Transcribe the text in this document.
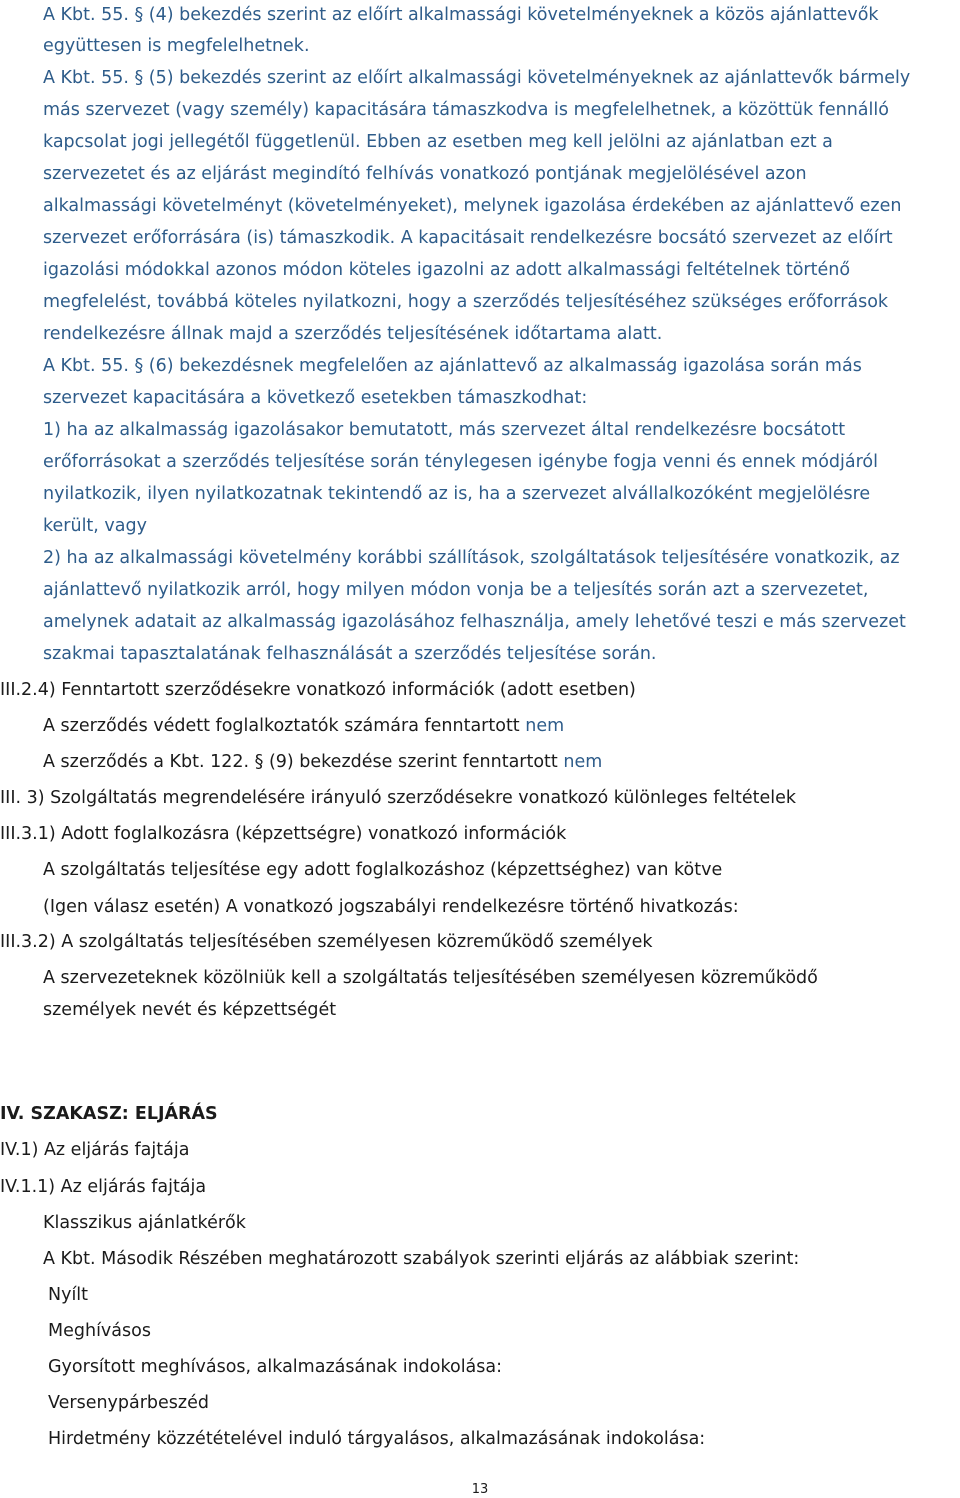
A Kbt. 55. § (4) bekezdés szerint az előírt alkalmassági követelményeknek a közös ajánlattevők
együttesen is megfelelhetnek.
A Kbt. 55. § (5) bekezdés szerint az előírt alkalmassági követelményeknek az ajánlattevők bármely
más szervezet (vagy személy) kapacitására támaszkodva is megfelelhetnek, a közöttük fennálló
kapcsolat jogi jellegétől függetlenül. Ebben az esetben meg kell jelölni az ajánlatban ezt a
szervezetet és az eljárást megindító felhívás vonatkozó pontjának megjelölésével azon
alkalmassági követelményt (követelményeket), melynek igazolása érdekében az ajánlattevő ezen
szervezet erőforrására (is) támaszkodik. A kapacitásait rendelkezésre bocsátó szervezet az előírt
igazolási módokkal azonos módon köteles igazolni az adott alkalmassági feltételnek történő
megfelelést, továbbá köteles nyilatkozni, hogy a szerződés teljesítéséhez szükséges erőforrások
rendelkezésre állnak majd a szerződés teljesítésének időtartama alatt.
A Kbt. 55. § (6) bekezdésnek megfelelően az ajánlattevő az alkalmasság igazolása során más
szervezet kapacitására a következő esetekben támaszkodhat:
1) ha az alkalmasság igazolásakor bemutatott, más szervezet által rendelkezésre bocsátott
erőforrásokat a szerződés teljesítése során ténylegesen igénybe fogja venni és ennek módjáról
nyilatkozik, ilyen nyilatkozatnak tekintendő az is, ha a szervezet alvállalkozóként megjelölésre
került, vagy
2) ha az alkalmassági követelmény korábbi szállítások, szolgáltatások teljesítésére vonatkozik, az
ajánlattevő nyilatkozik arról, hogy milyen módon vonja be a teljesítés során azt a szervezetet,
amelynek adatait az alkalmasság igazolásához felhasználja, amely lehetővé teszi e más szervezet
szakmai tapasztalatának felhasználását a szerződés teljesítése során.
III.2.4) Fenntartott szerződésekre vonatkozó információk (adott esetben)
A szerződés védett foglalkoztatók számára fenntartott nem
A szerződés a Kbt. 122. § (9) bekezdése szerint fenntartott nem
III. 3) Szolgáltatás megrendelésére irányuló szerződésekre vonatkozó különleges feltételek
III.3.1) Adott foglalkozásra (képzettségre) vonatkozó információk
A szolgáltatás teljesítése egy adott foglalkozáshoz (képzettséghez) van kötve
(Igen válasz esetén) A vonatkozó jogszabályi rendelkezésre történő hivatkozás:
III.3.2) A szolgáltatás teljesítésében személyesen közreműködő személyek
A szervezeteknek közölniük kell a szolgáltatás teljesítésében személyesen közreműködő
személyek nevét és képzettségét
IV. SZAKASZ: ELJÁRÁS
IV.1) Az eljárás fajtája
IV.1.1) Az eljárás fajtája
Klasszikus ajánlatkérők
A Kbt. Második Részében meghatározott szabályok szerinti eljárás az alábbiak szerint:
Nyílt
Meghívásos
Gyorsított meghívásos, alkalmazásának indokolása:
Versenypárbeszéd
Hirdetmény közzétételével induló tárgyalásos, alkalmazásának indokolása:
13
